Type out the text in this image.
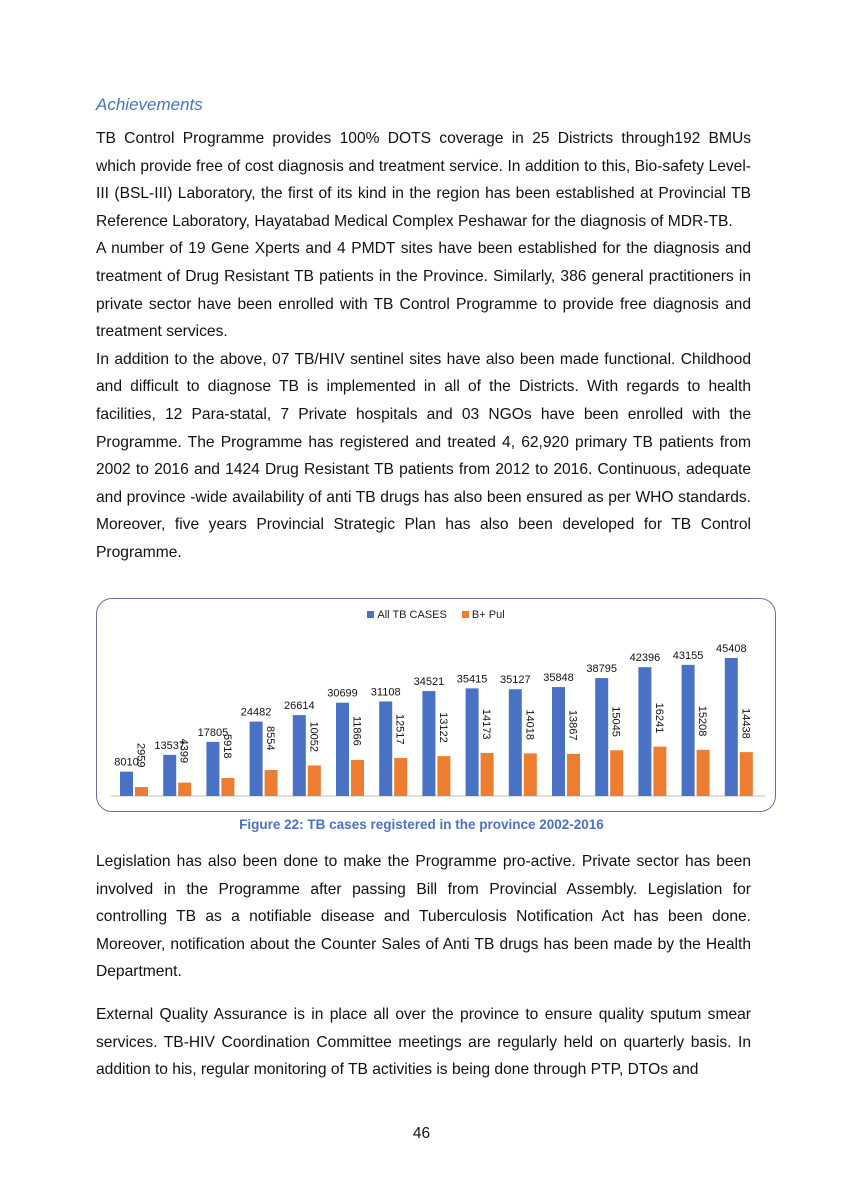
Achievements

TB Control Programme provides 100% DOTS coverage in 25 Districts through192 BMUs which provide free of cost diagnosis and treatment service. In addition to this, Bio-safety Level-III (BSL-III) Laboratory, the first of its kind in the region has been established at Provincial TB Reference Laboratory, Hayatabad Medical Complex Peshawar for the diagnosis of MDR-TB.

A number of 19 Gene Xperts and 4 PMDT sites have been established for the diagnosis and treatment of Drug Resistant TB patients in the Province. Similarly, 386 general practitioners in private sector have been enrolled with TB Control Programme to provide free diagnosis and treatment services.

In addition to the above, 07 TB/HIV sentinel sites have also been made functional. Childhood and difficult to diagnose TB is implemented in all of the Districts. With regards to health facilities, 12 Para-statal, 7 Private hospitals and 03 NGOs have been enrolled with the Programme. The Programme has registered and treated 4, 62,920 primary TB patients from 2002 to 2016 and 1424 Drug Resistant TB patients from 2012 to 2016. Continuous, adequate and province -wide availability of anti TB drugs has also been ensured as per WHO standards. Moreover, five years Provincial Strategic Plan has also been developed for TB Control Programme.

All TB CASES B+ Pul
8010
2959 13537
4399
17805
5918
24482
8554
26614
10052
30699
11866
31108
12517
34521
13122
35415
14173
35127
14018
35848
13867
38795
15045
42396
16241
43155
15208
45408
14438
Figure 22: TB cases registered in the province 2002-2016

Legislation has also been done to make the Programme pro-active. Private sector has been involved in the Programme after passing Bill from Provincial Assembly. Legislation for controlling TB as a notifiable disease and Tuberculosis Notification Act has been done. Moreover, notification about the Counter Sales of Anti TB drugs has been made by the Health Department.

External Quality Assurance is in place all over the province to ensure quality sputum smear services. TB-HIV Coordination Committee meetings are regularly held on quarterly basis. In addition to his, regular monitoring of TB activities is being done through PTP, DTOs and

46
